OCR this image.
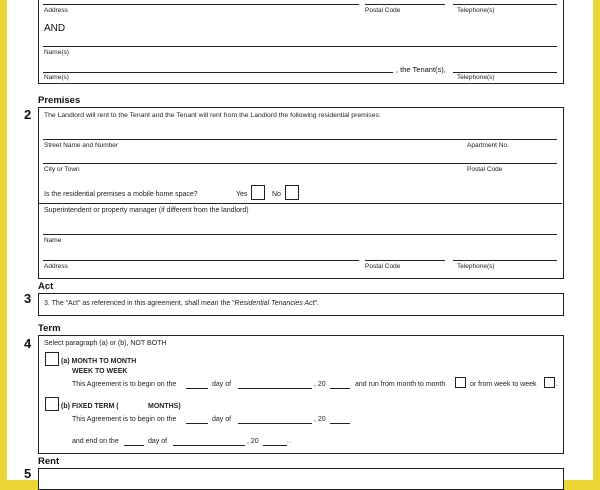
Address	Postal Code	Telephone(s)
AND
Name(s)
, the Tenant(s),
Name(s)	Telephone(s)
Premises
2 The Landlord will rent to the Tenant and the Tenant will rent from the Landlord the following residential premises:
Street Name and Number	Apartment No.
City or Town	Postal Code
Is the residential premises a mobile home space?	Yes	No
Superintendent or property manager (if different from the landlord)
Name
Address	Postal Code	Telephone(s)
Act
3 3. The “Act” as referenced in this agreement, shall mean the “Residential Tenancies Act”.
Term
4 Select paragraph (a) or (b), NOT BOTH
(a) MONTH TO MONTH
WEEK TO WEEK
This Agreement is to begin on the	day of	, 20	and run from month to month	or from week to week	.
(b) FIXED TERM (	MONTHS)
This Agreement is to begin on the	day of	, 20
and end on the	day of	, 20	.
Rent
5
